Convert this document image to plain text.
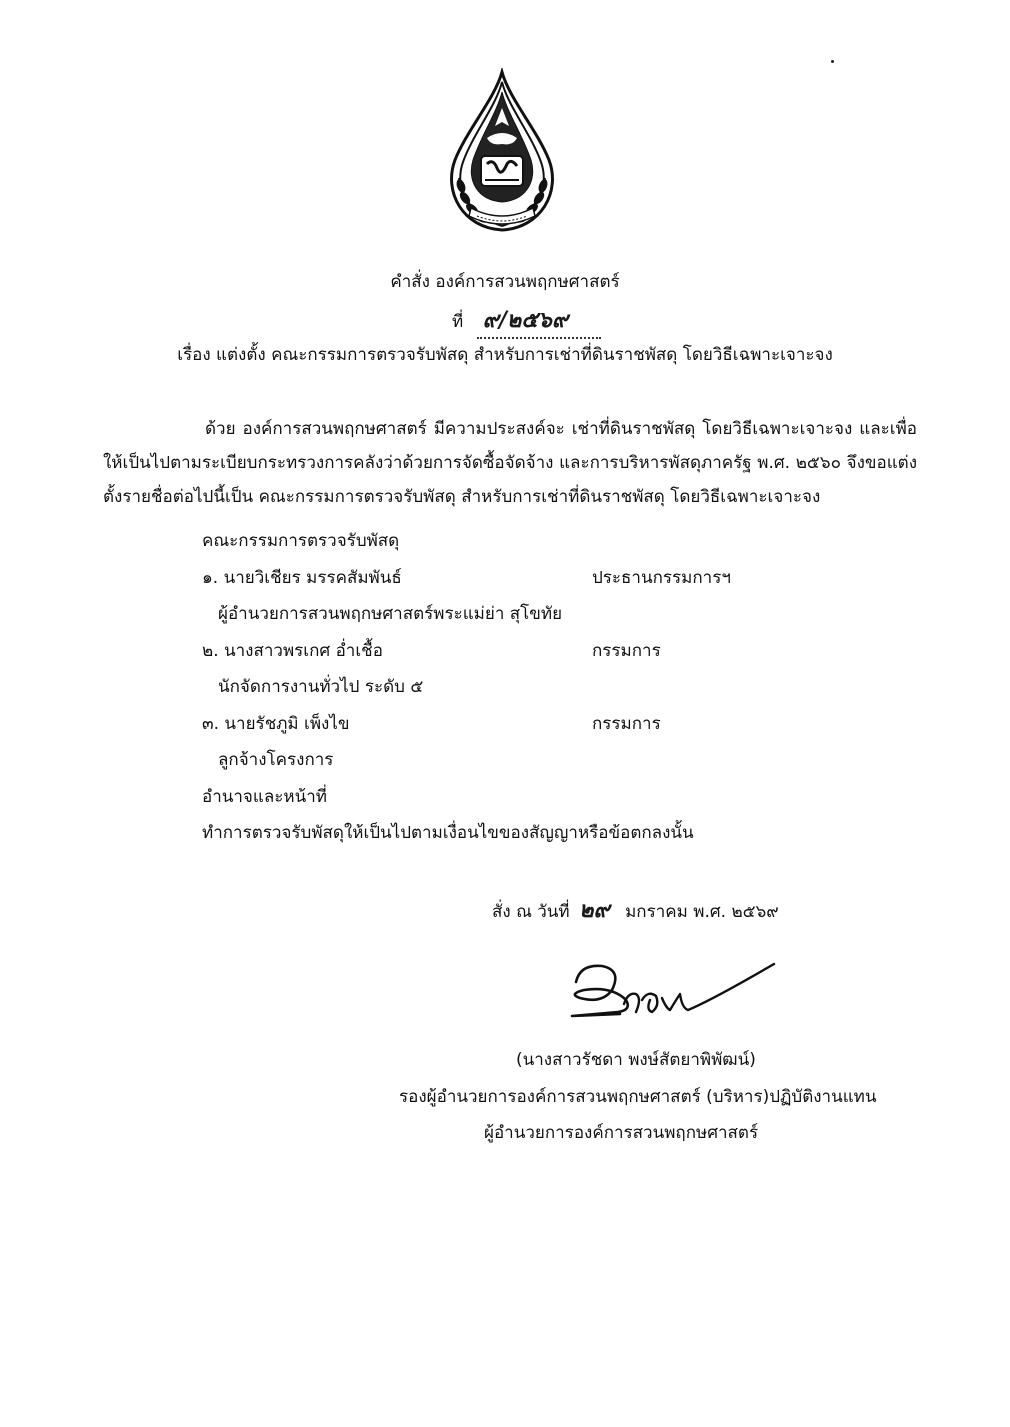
คำสั่ง องค์การสวนพฤกษศาสตร์
ที่ ๙/๒๕๖๙
เรื่อง แต่งตั้ง คณะกรรมการตรวจรับพัสดุ สำหรับการเช่าที่ดินราชพัสดุ โดยวิธีเฉพาะเจาะจง
ด้วย องค์การสวนพฤกษศาสตร์ มีความประสงค์จะ เช่าที่ดินราชพัสดุ โดยวิธีเฉพาะเจาะจง และเพื่อ
ให้เป็นไปตามระเบียบกระทรวงการคลังว่าด้วยการจัดซื้อจัดจ้าง และการบริหารพัสดุภาครัฐ พ.ศ. ๒๕๖๐ จึงขอแต่ง
ตั้งรายชื่อต่อไปนี้เป็น คณะกรรมการตรวจรับพัสดุ สำหรับการเช่าที่ดินราชพัสดุ โดยวิธีเฉพาะเจาะจง
คณะกรรมการตรวจรับพัสดุ
๑. นายวิเชียร มรรคสัมพันธ์	ประธานกรรมการฯ
ผู้อำนวยการสวนพฤกษศาสตร์พระแม่ย่า สุโขทัย
๒. นางสาวพรเกศ อ่ำเชื้อ	กรรมการ
นักจัดการงานทั่วไป ระดับ ๕
๓. นายรัชภูมิ เพ็งไข	กรรมการ
ลูกจ้างโครงการ
อำนาจและหน้าที่
ทำการตรวจรับพัสดุให้เป็นไปตามเงื่อนไขของสัญญาหรือข้อตกลงนั้น
สั่ง ณ วันที่ ๒๙ มกราคม พ.ศ. ๒๕๖๙
(นางสาวรัชดา พงษ์สัตยาพิพัฒน์)
รองผู้อำนวยการองค์การสวนพฤกษศาสตร์ (บริหาร)ปฏิบัติงานแทน
ผู้อำนวยการองค์การสวนพฤกษศาสตร์
